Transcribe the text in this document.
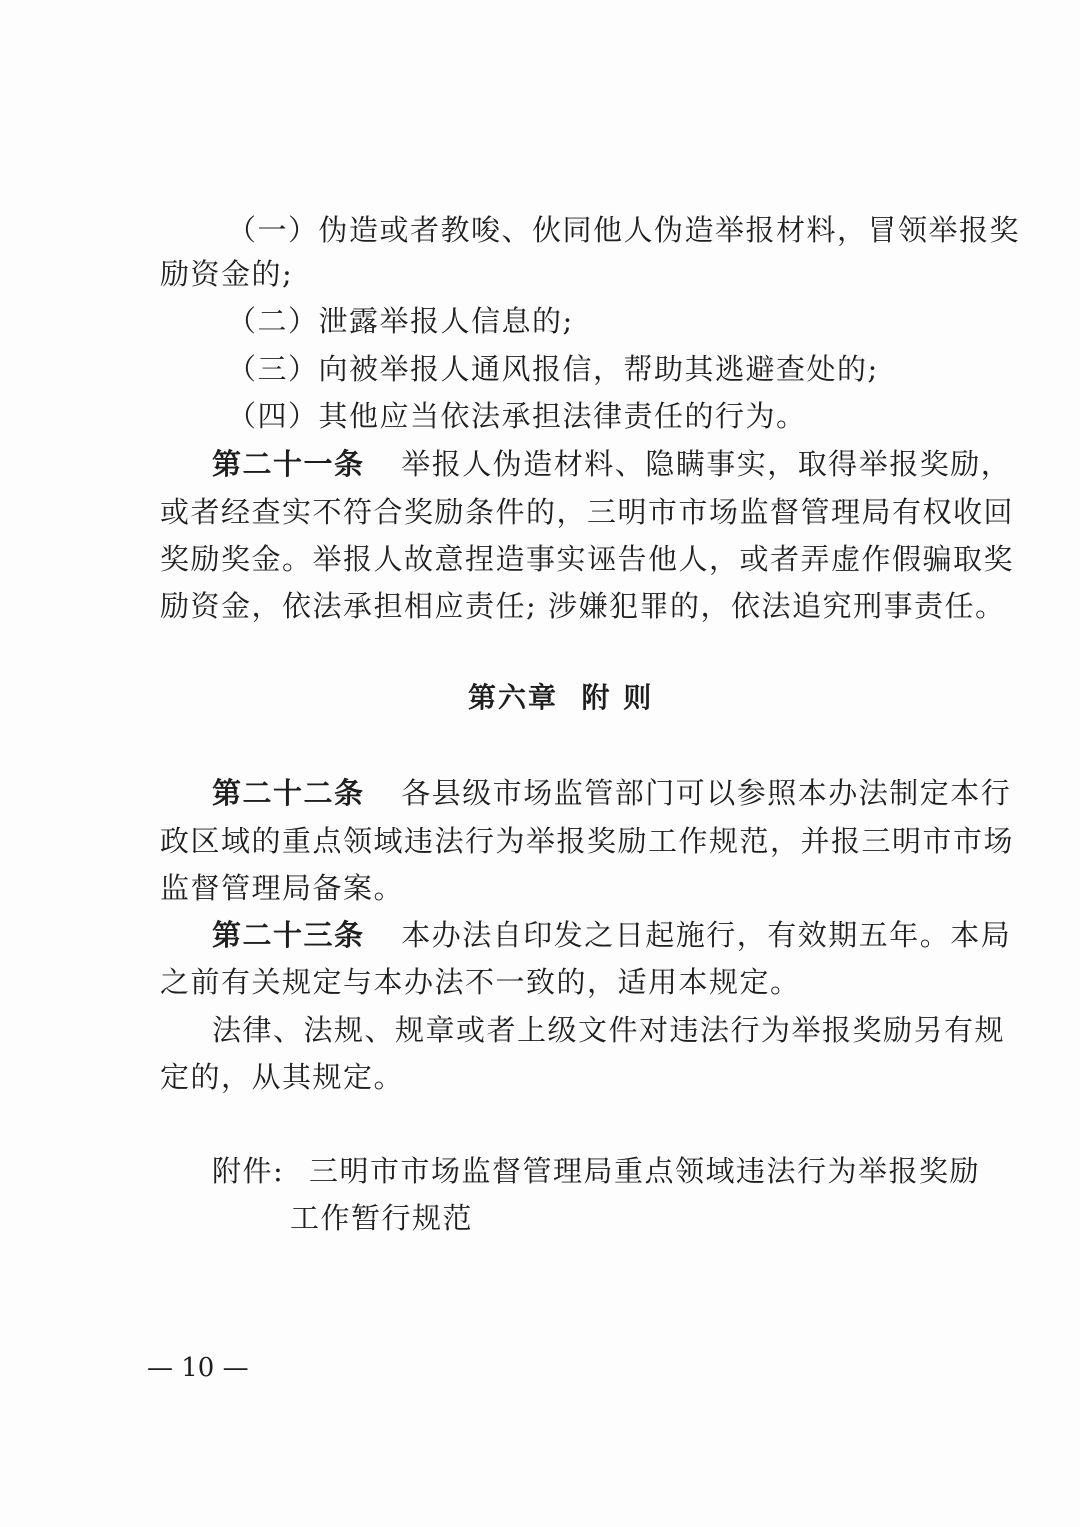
（一）伪造或者教唆、伙同他人伪造举报材料，冒领举报奖
励资金的;
（二）泄露举报人信息的;
（三）向被举报人通风报信，帮助其逃避查处的;
（四）其他应当依法承担法律责任的行为。
第二十一条 举报人伪造材料、隐瞒事实，取得举报奖励，
或者经查实不符合奖励条件的，三明市市场监督管理局有权收回
奖励奖金。举报人故意捏造事实诬告他人，或者弄虚作假骗取奖
励资金，依法承担相应责任; 涉嫌犯罪的，依法追究刑事责任。
第六章  附 则
第二十二条 各县级市场监管部门可以参照本办法制定本行
政区域的重点领域违法行为举报奖励工作规范，并报三明市市场
监督管理局备案。
第二十三条 本办法自印发之日起施行，有效期五年。本局
之前有关规定与本办法不一致的，适用本规定。
法律、法规、规章或者上级文件对违法行为举报奖励另有规
定的，从其规定。
附件: 三明市市场监督管理局重点领域违法行为举报奖励
工作暂行规范
— 10 —
